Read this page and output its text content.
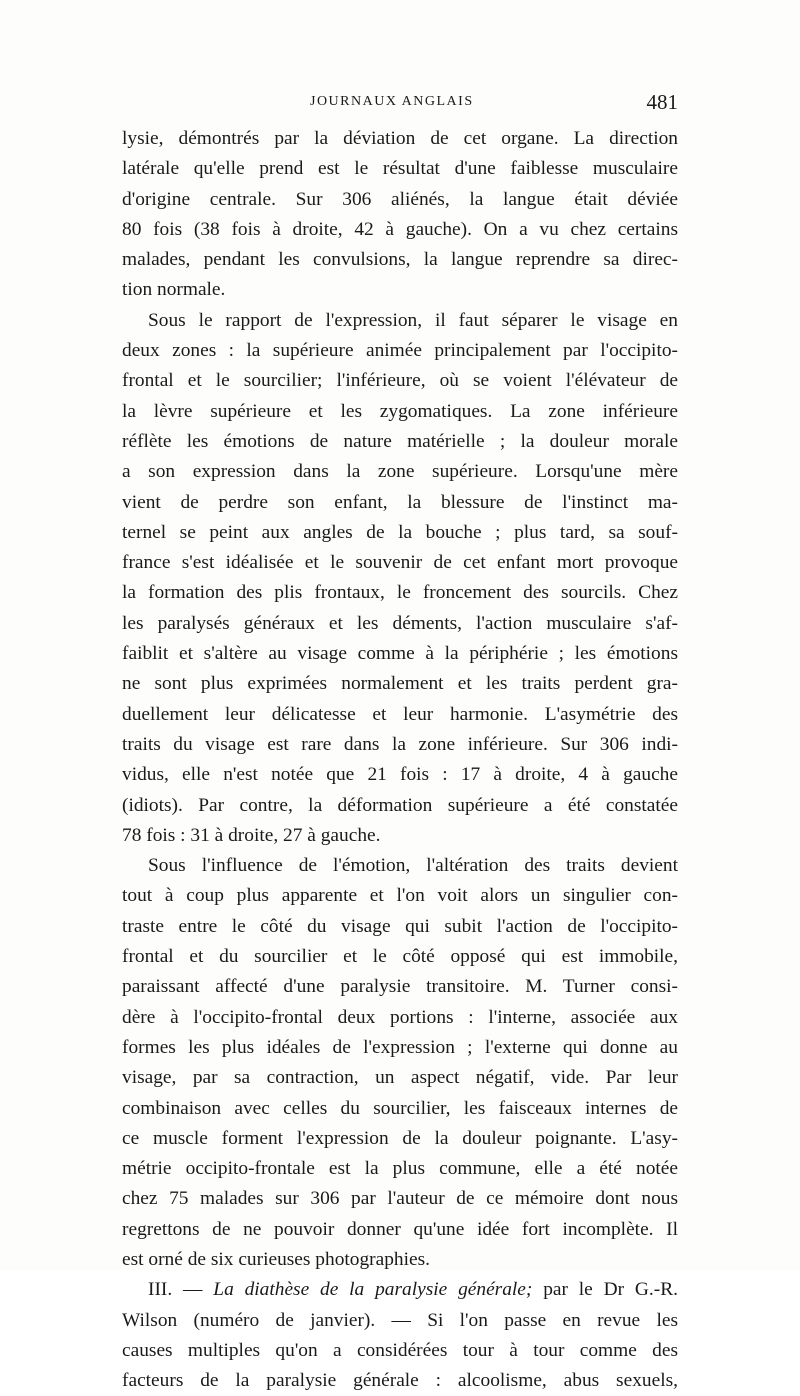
JOURNAUX ANGLAIS	481
lysie, démontrés par la déviation de cet organe. La direction
latérale qu'elle prend est le résultat d'une faiblesse musculaire
d'origine centrale. Sur 306 aliénés, la langue était déviée
80 fois (38 fois à droite, 42 à gauche). On a vu chez certains
malades, pendant les convulsions, la langue reprendre sa direc-
tion normale.
Sous le rapport de l'expression, il faut séparer le visage en
deux zones : la supérieure animée principalement par l'occipito-
frontal et le sourcilier; l'inférieure, où se voient l'élévateur de
la lèvre supérieure et les zygomatiques. La zone inférieure
réflète les émotions de nature matérielle ; la douleur morale
a son expression dans la zone supérieure. Lorsqu'une mère
vient de perdre son enfant, la blessure de l'instinct ma-
ternel se peint aux angles de la bouche ; plus tard, sa souf-
france s'est idéalisée et le souvenir de cet enfant mort provoque
la formation des plis frontaux, le froncement des sourcils. Chez
les paralysés généraux et les déments, l'action musculaire s'af-
faiblit et s'altère au visage comme à la périphérie ; les émotions
ne sont plus exprimées normalement et les traits perdent gra-
duellement leur délicatesse et leur harmonie. L'asymétrie des
traits du visage est rare dans la zone inférieure. Sur 306 indi-
vidus, elle n'est notée que 21 fois : 17 à droite, 4 à gauche
(idiots). Par contre, la déformation supérieure a été constatée
78 fois : 31 à droite, 27 à gauche.
Sous l'influence de l'émotion, l'altération des traits devient
tout à coup plus apparente et l'on voit alors un singulier con-
traste entre le côté du visage qui subit l'action de l'occipito-
frontal et du sourcilier et le côté opposé qui est immobile,
paraissant affecté d'une paralysie transitoire. M. Turner consi-
dère à l'occipito-frontal deux portions : l'interne, associée aux
formes les plus idéales de l'expression ; l'externe qui donne au
visage, par sa contraction, un aspect négatif, vide. Par leur
combinaison avec celles du sourcilier, les faisceaux internes de
ce muscle forment l'expression de la douleur poignante. L'asy-
métrie occipito-frontale est la plus commune, elle a été notée
chez 75 malades sur 306 par l'auteur de ce mémoire dont nous
regrettons de ne pouvoir donner qu'une idée fort incomplète. Il
est orné de six curieuses photographies.
III. — La diathèse de la paralysie générale; par le Dr G.-R.
Wilson (numéro de janvier). — Si l'on passe en revue les
causes multiples qu'on a considérées tour à tour comme des
facteurs de la paralysie générale : alcoolisme, abus sexuels,
